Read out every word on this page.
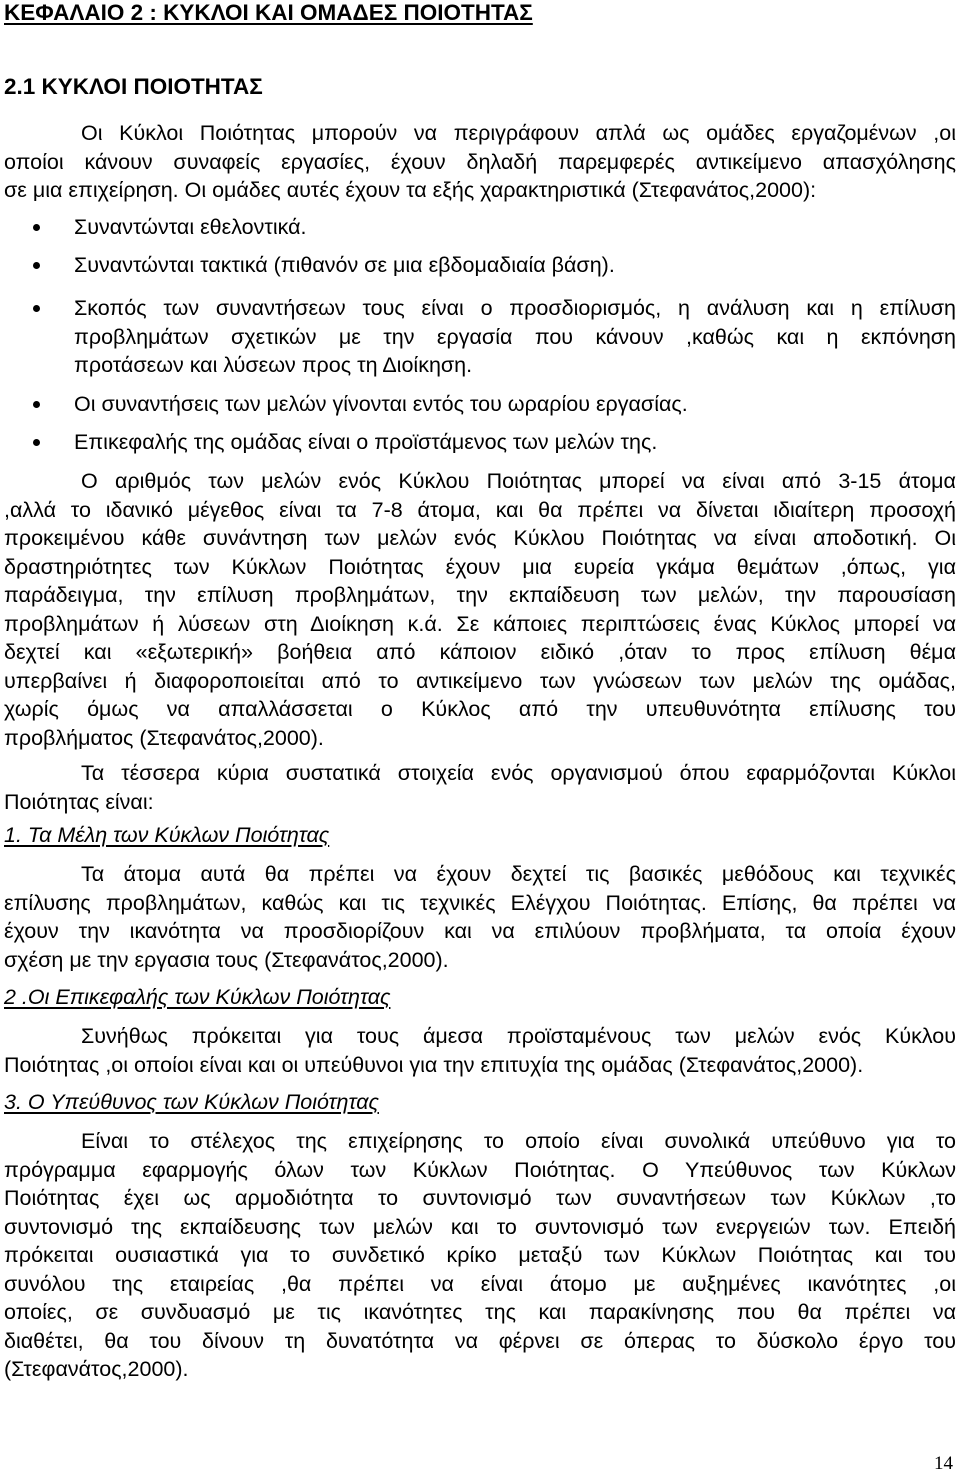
ΚΕΦΑΛΑΙΟ 2 : ΚΥΚΛΟΙ ΚΑΙ ΟΜΑΔΕΣ ΠΟΙΟΤΗΤΑΣ
2.1 ΚΥΚΛΟΙ ΠΟΙΟΤΗΤΑΣ
Οι Κύκλοι Ποιότητας μπορούν να περιγράφουν απλά ως ομάδες εργαζομένων ,οι
οποίοι κάνουν συναφείς εργασίες, έχουν δηλαδή παρεμφερές αντικείμενο απασχόλησης
σε μια επιχείρηση. Οι ομάδες αυτές έχουν τα εξής χαρακτηριστικά (Στεφανάτος,2000):
Συναντώνται εθελοντικά.
Συναντώνται τακτικά (πιθανόν σε μια εβδομαδιαία βάση).
Σκοπός των συναντήσεων τους είναι ο προσδιορισμός, η ανάλυση και η επίλυση
προβλημάτων σχετικών με την εργασία που κάνουν ,καθώς και η εκπόνηση
προτάσεων και λύσεων προς τη Διοίκηση.
Οι συναντήσεις των μελών γίνονται εντός του ωραρίου εργασίας.
Επικεφαλής της ομάδας είναι ο προϊστάμενος των μελών της.
Ο αριθμός των μελών ενός Κύκλου Ποιότητας μπορεί να είναι από 3-15 άτομα
,αλλά το ιδανικό μέγεθος είναι τα 7-8 άτομα, και θα πρέπει να δίνεται ιδιαίτερη προσοχή
προκειμένου κάθε συνάντηση των μελών ενός Κύκλου Ποιότητας να είναι αποδοτική. Οι
δραστηριότητες των Κύκλων Ποιότητας έχουν μια ευρεία γκάμα θεμάτων ,όπως, για
παράδειγμα, την επίλυση προβλημάτων, την εκπαίδευση των μελών, την παρουσίαση
προβλημάτων ή λύσεων στη Διοίκηση κ.ά. Σε κάποιες περιπτώσεις ένας Κύκλος μπορεί να
δεχτεί και «εξωτερική» βοήθεια από κάποιον ειδικό ,όταν το προς επίλυση θέμα
υπερβαίνει ή διαφοροποιείται από το αντικείμενο των γνώσεων των μελών της ομάδας,
χωρίς όμως να απαλλάσσεται ο Κύκλος από την υπευθυνότητα επίλυσης του
προβλήματος (Στεφανάτος,2000).
Τα τέσσερα κύρια συστατικά στοιχεία ενός οργανισμού όπου εφαρμόζονται Κύκλοι
Ποιότητας είναι:
1. Τα Μέλη των Κύκλων Ποιότητας
Τα άτομα αυτά θα πρέπει να έχουν δεχτεί τις βασικές μεθόδους και τεχνικές
επίλυσης προβλημάτων, καθώς και τις τεχνικές Ελέγχου Ποιότητας. Επίσης, θα πρέπει να
έχουν την ικανότητα να προσδιορίζουν και να επιλύουν προβλήματα, τα οποία έχουν
σχέση με την εργασια τους (Στεφανάτος,2000).
2 .Οι Επικεφαλής των Κύκλων Ποιότητας
Συνήθως πρόκειται για τους άμεσα προϊσταμένους των μελών ενός Κύκλου
Ποιότητας ,οι οποίοι είναι και οι υπεύθυνοι για την επιτυχία της ομάδας (Στεφανάτος,2000).
3. Ο Υπεύθυνος των Κύκλων Ποιότητας
Είναι το στέλεχος της επιχείρησης το οποίο είναι συνολικά υπεύθυνο για το
πρόγραμμα εφαρμογής όλων των Κύκλων Ποιότητας. Ο Υπεύθυνος των Κύκλων
Ποιότητας έχει ως αρμοδιότητα το συντονισμό των συναντήσεων των Κύκλων ,το
συντονισμό της εκπαίδευσης των μελών και το συντονισμό των ενεργειών των. Επειδή
πρόκειται ουσιαστικά για το συνδετικό κρίκο μεταξύ των Κύκλων Ποιότητας και του
συνόλου της εταιρείας ,θα πρέπει να είναι άτομο με αυξημένες ικανότητες ,οι
οποίες, σε συνδυασμό με τις ικανότητες της και παρακίνησης που θα πρέπει να
διαθέτει, θα του δίνουν τη δυνατότητα να φέρνει σε όπερας το δύσκολο έργο του
(Στεφανάτος,2000).
14
